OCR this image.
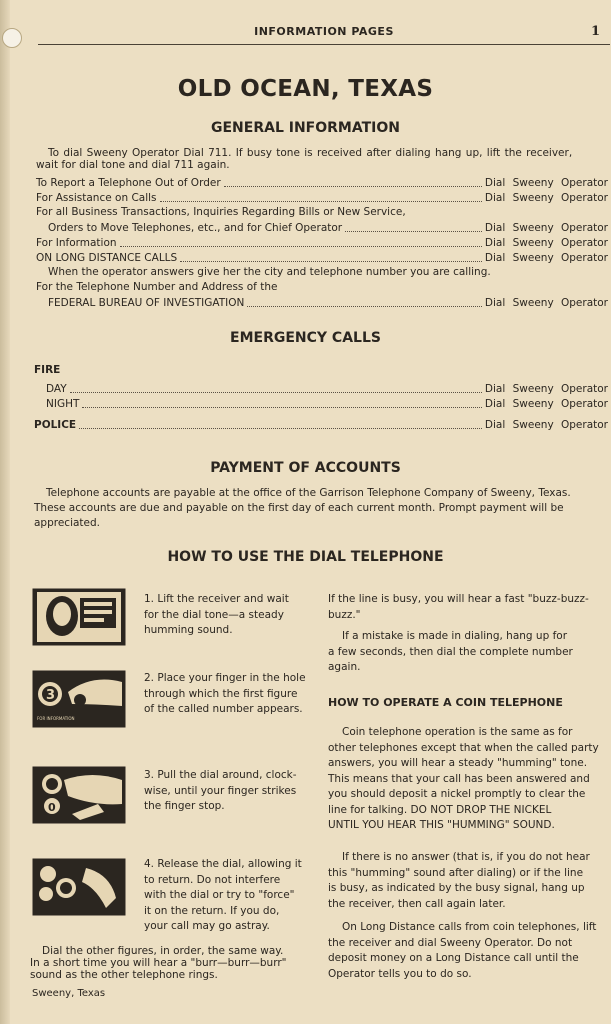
INFORMATION PAGES	1
OLD OCEAN, TEXAS
GENERAL INFORMATION
To dial Sweeny Operator Dial 711. If busy tone is received after dialing hang up, lift the receiver,
wait for dial tone and dial 711 again.
To Report a Telephone Out of Order	Dial Sweeny Operator
For Assistance on Calls	Dial Sweeny Operator
For all Business Transactions, Inquiries Regarding Bills or New Service,
Orders to Move Telephones, etc., and for Chief Operator	Dial Sweeny Operator
For Information	Dial Sweeny Operator
ON LONG DISTANCE CALLS	Dial Sweeny Operator
When the operator answers give her the city and telephone number you are calling.
For the Telephone Number and Address of the
FEDERAL BUREAU OF INVESTIGATION	Dial Sweeny Operator
EMERGENCY CALLS
FIRE
DAY	Dial Sweeny Operator
NIGHT	Dial Sweeny Operator
POLICE	Dial Sweeny Operator
PAYMENT OF ACCOUNTS
Telephone accounts are payable at the office of the Garrison Telephone Company of Sweeny, Texas.
These accounts are due and payable on the first day of each current month. Prompt payment will be
appreciated.
HOW TO USE THE DIAL TELEPHONE
1. Lift the receiver and wait
for the dial tone—a steady
humming sound.
3
FOR INFORMATION
2. Place your finger in the hole
through which the first figure
of the called number appears.
0
3. Pull the dial around, clock-
wise, until your finger strikes
the finger stop.
4. Release the dial, allowing it
to return. Do not interfere
with the dial or try to "force"
it on the return. If you do,
your call may go astray.
Dial the other figures, in order, the same way.
In a short time you will hear a "burr—burr—burr"
sound as the other telephone rings.
If the line is busy, you will hear a fast "buzz-buzz-
buzz."
If a mistake is made in dialing, hang up for
a few seconds, then dial the complete number
again.
HOW TO OPERATE A COIN TELEPHONE
Coin telephone operation is the same as for
other telephones except that when the called party
answers, you will hear a steady "humming" tone.
This means that your call has been answered and
you should deposit a nickel promptly to clear the
line for talking. DO NOT DROP THE NICKEL
UNTIL YOU HEAR THIS "HUMMING" SOUND.
If there is no answer (that is, if you do not hear
this "humming" sound after dialing) or if the line
is busy, as indicated by the busy signal, hang up
the receiver, then call again later.
On Long Distance calls from coin telephones, lift
the receiver and dial Sweeny Operator. Do not
deposit money on a Long Distance call until the
Operator tells you to do so.
Sweeny, Texas
